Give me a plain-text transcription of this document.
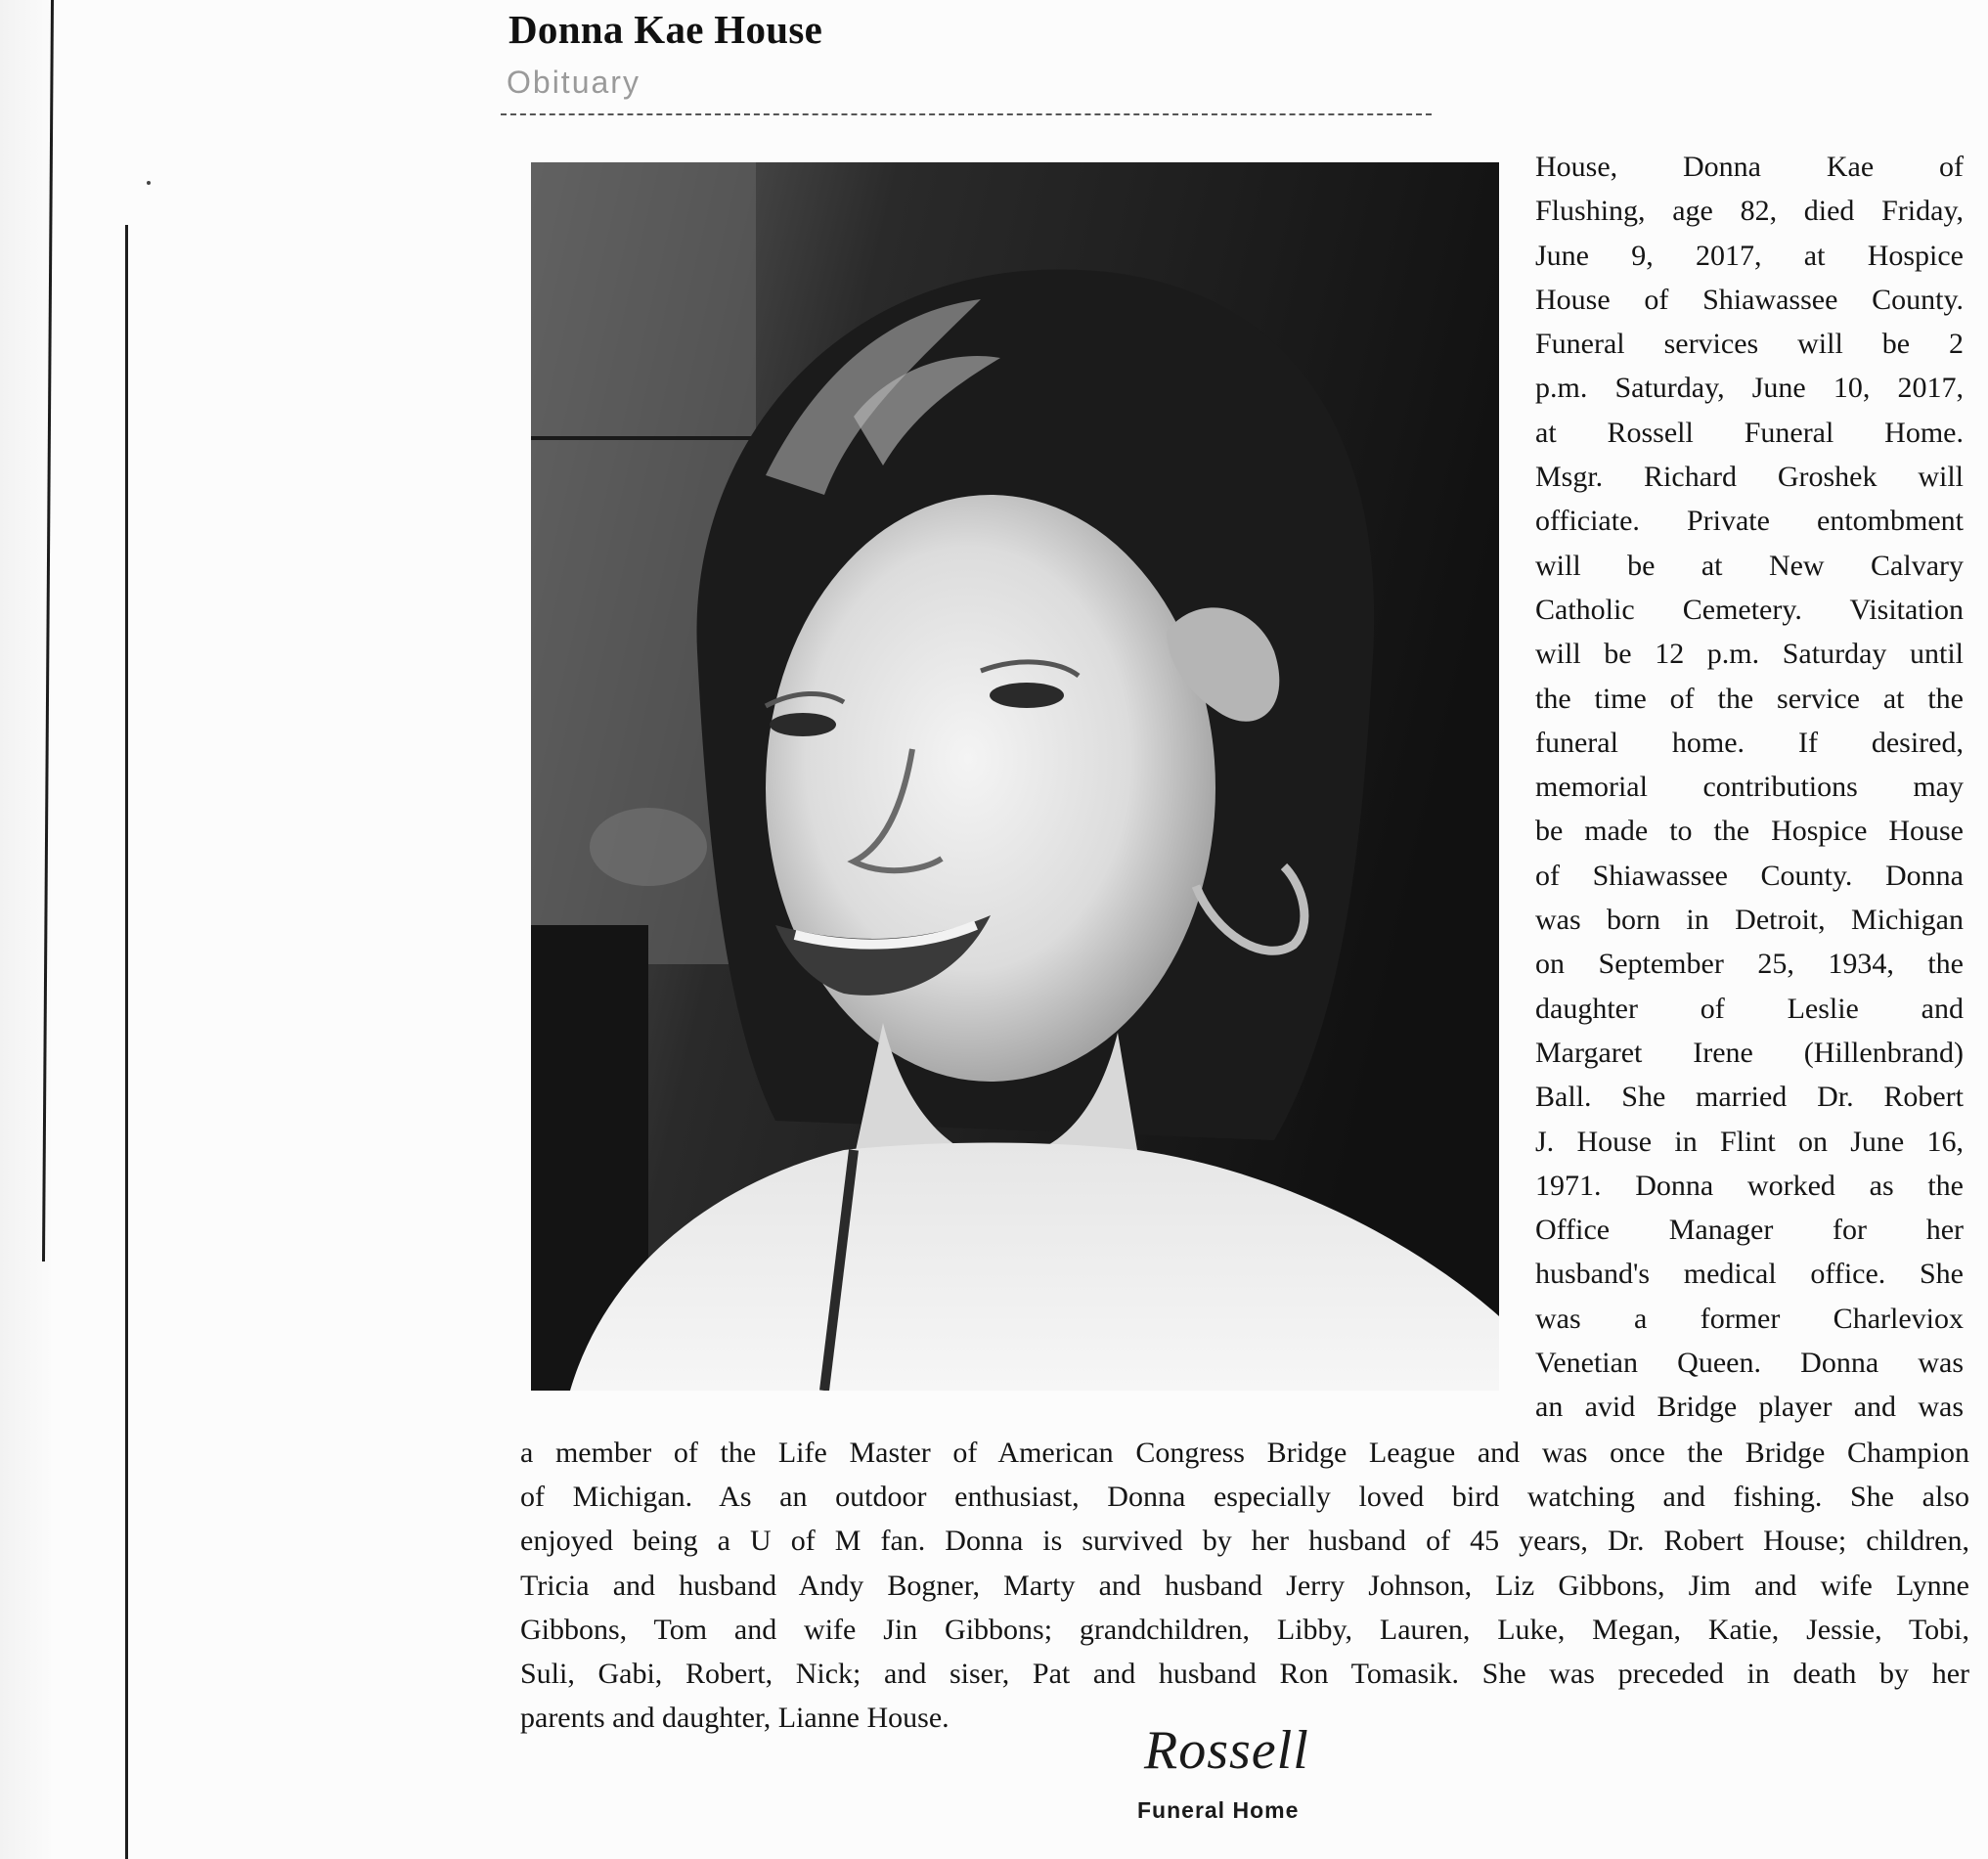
Donna Kae House
Obituary
House, Donna Kae of
Flushing, age 82, died Friday,
June 9, 2017, at Hospice
House of Shiawassee County.
Funeral services will be 2
p.m. Saturday, June 10, 2017,
at Rossell Funeral Home.
Msgr. Richard Groshek will
officiate. Private entombment
will be at New Calvary
Catholic Cemetery. Visitation
will be 12 p.m. Saturday until
the time of the service at the
funeral home. If desired,
memorial contributions may
be made to the Hospice House
of Shiawassee County. Donna
was born in Detroit, Michigan
on September 25, 1934, the
daughter of Leslie and
Margaret Irene (Hillenbrand)
Ball. She married Dr. Robert
J. House in Flint on June 16,
1971. Donna worked as the
Office Manager for her
husband's medical office. She
was a former Charleviox
Venetian Queen. Donna was
an avid Bridge player and was
a member of the Life Master of American Congress Bridge League and was once the Bridge Champion
of Michigan. As an outdoor enthusiast, Donna especially loved bird watching and fishing. She also
enjoyed being a U of M fan. Donna is survived by her husband of 45 years, Dr. Robert House; children,
Tricia and husband Andy Bogner, Marty and husband Jerry Johnson, Liz Gibbons, Jim and wife Lynne
Gibbons, Tom and wife Jin Gibbons; grandchildren, Libby, Lauren, Luke, Megan, Katie, Jessie, Tobi,
Suli, Gabi, Robert, Nick; and siser, Pat and husband Ron Tomasik. She was preceded in death by her
parents and daughter, Lianne House.
Rossell
Funeral Home
